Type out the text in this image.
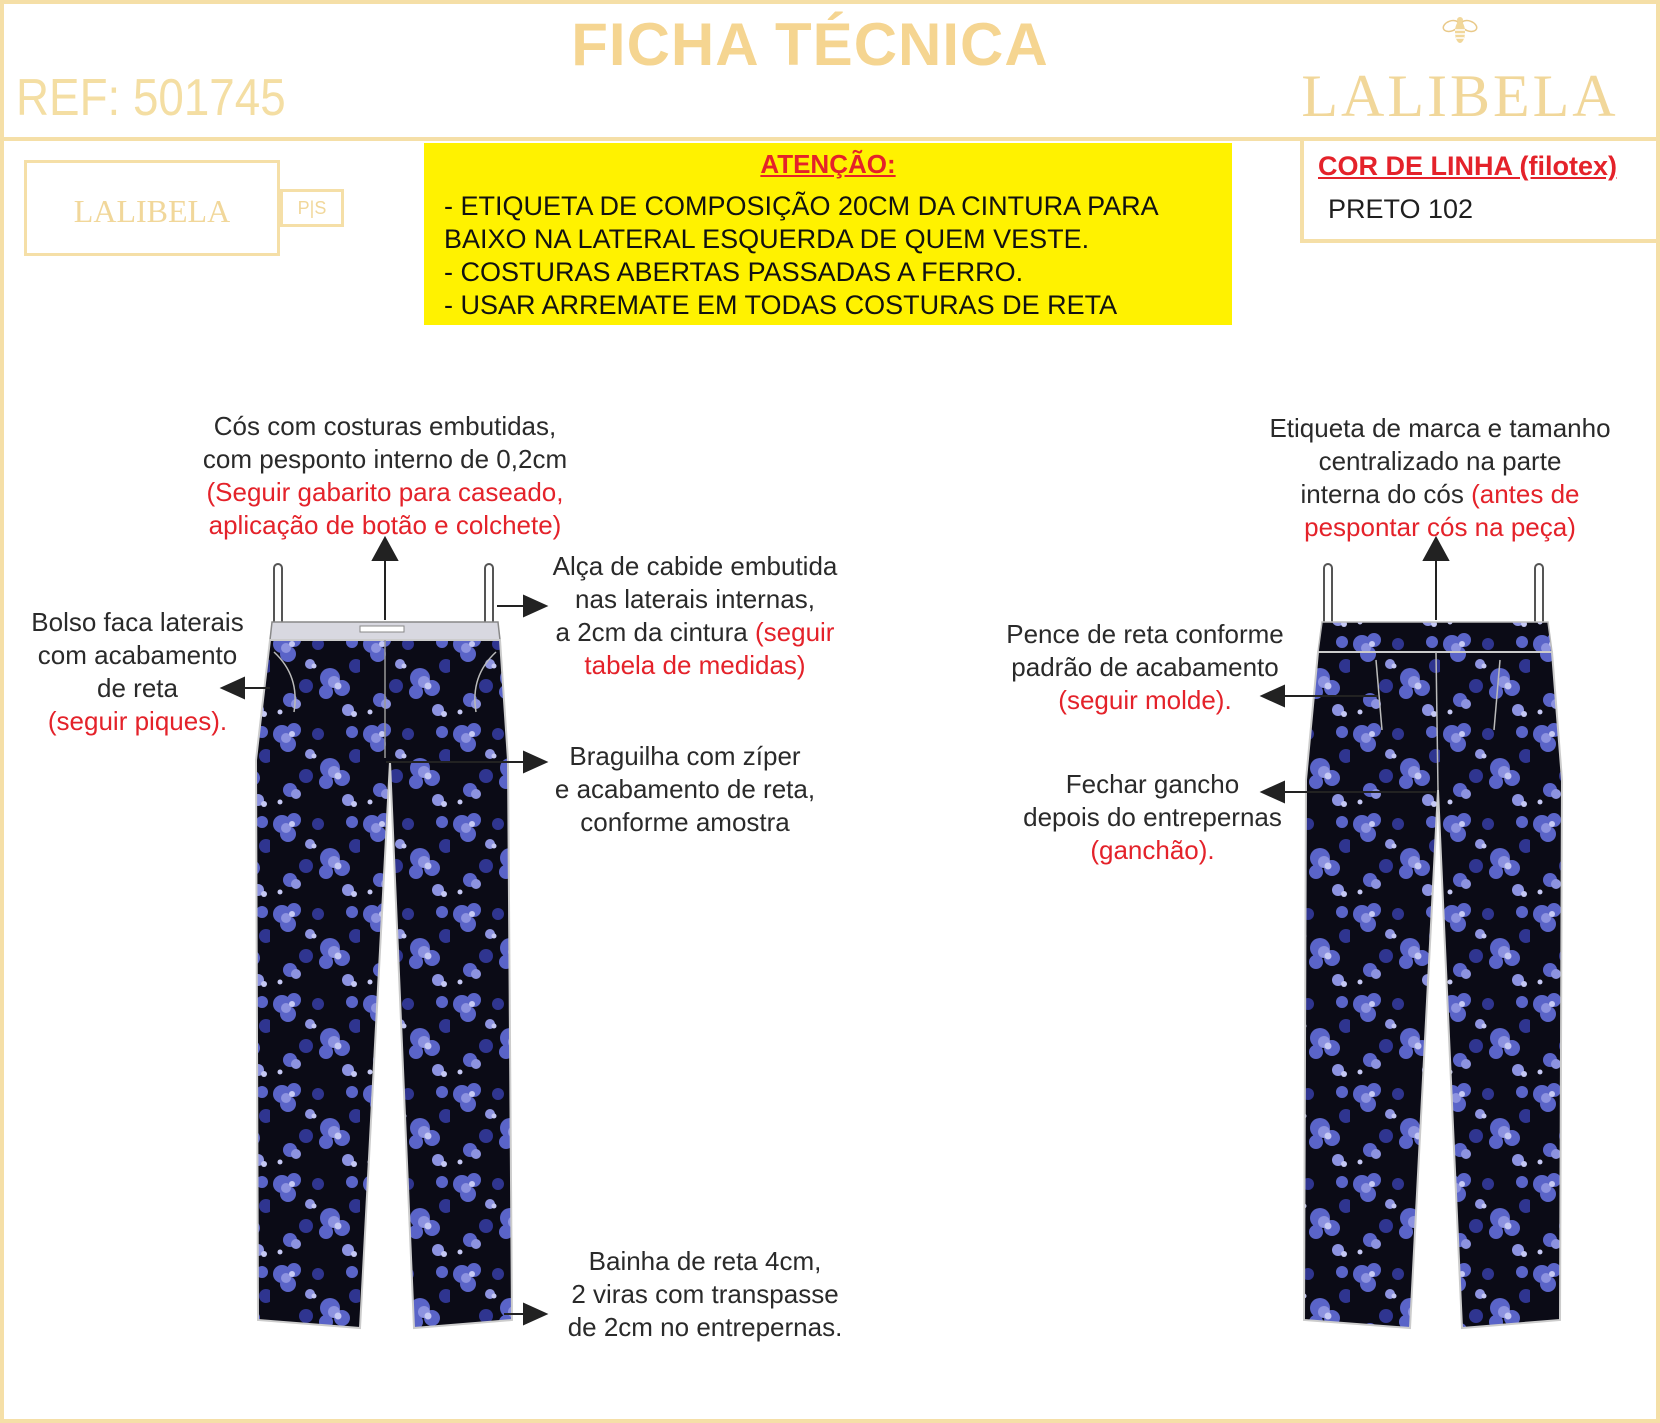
FICHA TÉCNICA
REF: 501745	LALIBELA
LALIBELA	P|S
ATENÇÃO:
- ETIQUETA DE COMPOSIÇÃO 20CM DA CINTURA PARA
BAIXO NA LATERAL ESQUERDA DE QUEM VESTE.
- COSTURAS ABERTAS PASSADAS A FERRO.
- USAR ARREMATE EM TODAS COSTURAS DE RETA
COR DE LINHA (filotex)
PRETO 102
Cós com costuras embutidas,
com pesponto interno de 0,2cm
(Seguir gabarito para caseado,
aplicação de botão e colchete)
Alça de cabide embutida
nas laterais internas,
a 2cm da cintura (seguir
tabela de medidas)
Bolso faca laterais
com acabamento
de reta
(seguir piques).
Braguilha com zíper
e acabamento de reta,
conforme amostra
Bainha de reta 4cm,
2 viras com transpasse
de 2cm no entrepernas.
Etiqueta de marca e tamanho
centralizado na parte
interna do cós (antes de
pespontar cós na peça)
Pence de reta conforme
padrão de acabamento
(seguir molde).
Fechar gancho
depois do entrepernas
(ganchão).
